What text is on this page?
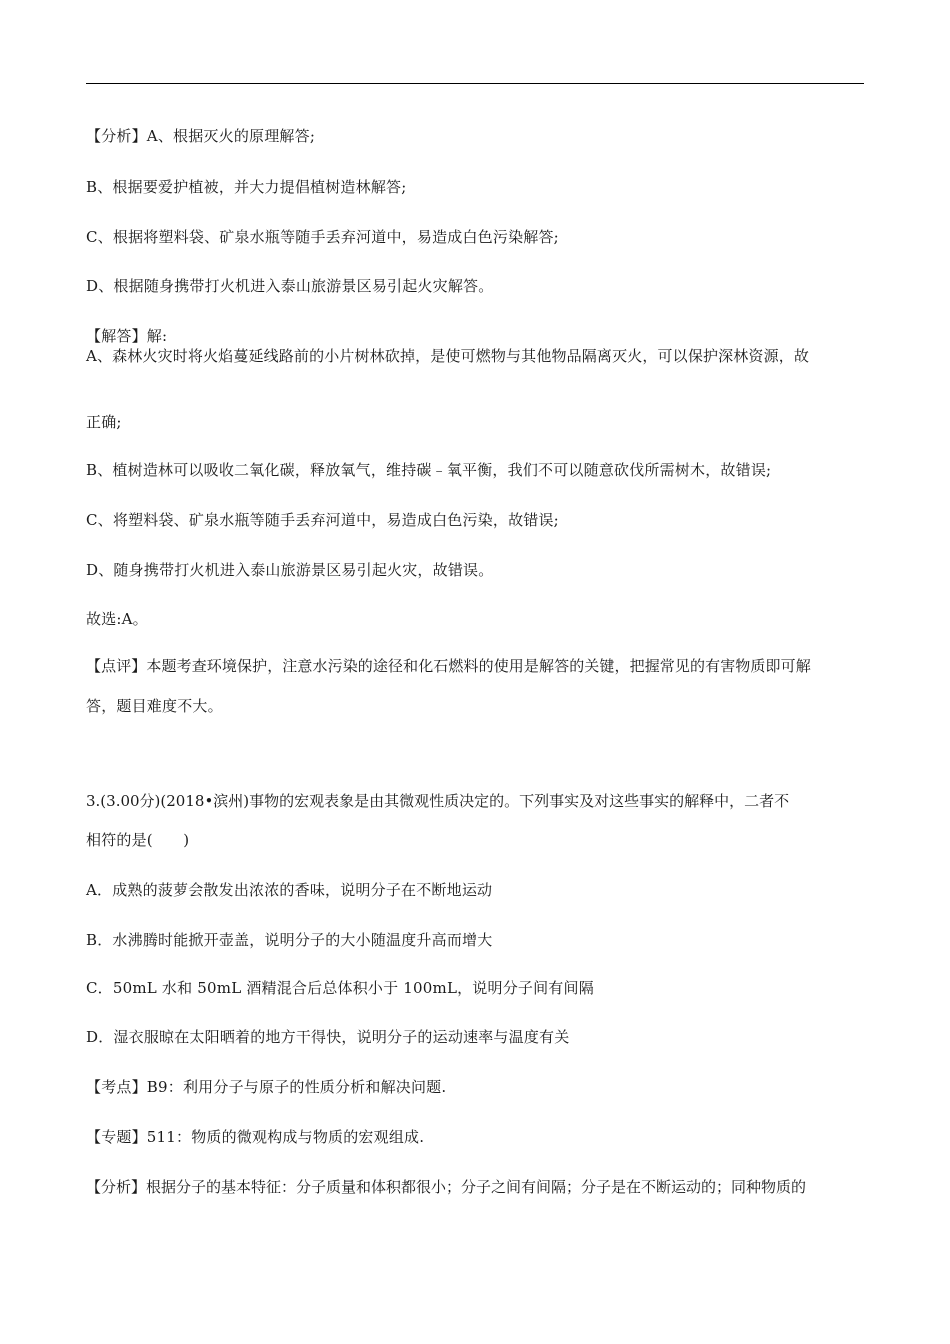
【分析】A、根据灭火的原理解答;
B、根据要爱护植被，并大力提倡植树造林解答;
C、根据将塑料袋、矿泉水瓶等随手丢弃河道中，易造成白色污染解答;
D、根据随身携带打火机进入泰山旅游景区易引起火灾解答。
【解答】解:
A、森林火灾时将火焰蔓延线路前的小片树林砍掉，是使可燃物与其他物品隔离灭火，可以保护深林资源，故
正确;
B、植树造林可以吸收二氧化碳，释放氧气，维持碳﹣氧平衡，我们不可以随意砍伐所需树木，故错误;
C、将塑料袋、矿泉水瓶等随手丢弃河道中，易造成白色污染，故错误;
D、随身携带打火机进入泰山旅游景区易引起火灾，故错误。
故选:A。
【点评】本题考查环境保护，注意水污染的途径和化石燃料的使用是解答的关键，把握常见的有害物质即可解
答，题目难度不大。
3.(3.00分)(2018•滨州)事物的宏观表象是由其微观性质决定的。下列事实及对这些事实的解释中，二者不
相符的是(　　)
A．成熟的菠萝会散发出浓浓的香味，说明分子在不断地运动
B．水沸腾时能掀开壶盖，说明分子的大小随温度升高而增大
C．50mL 水和 50mL 酒精混合后总体积小于 100mL，说明分子间有间隔
D．湿衣服晾在太阳晒着的地方干得快，说明分子的运动速率与温度有关
【考点】B9：利用分子与原子的性质分析和解决问题.
【专题】511：物质的微观构成与物质的宏观组成.
【分析】根据分子的基本特征：分子质量和体积都很小；分子之间有间隔；分子是在不断运动的；同种物质的
